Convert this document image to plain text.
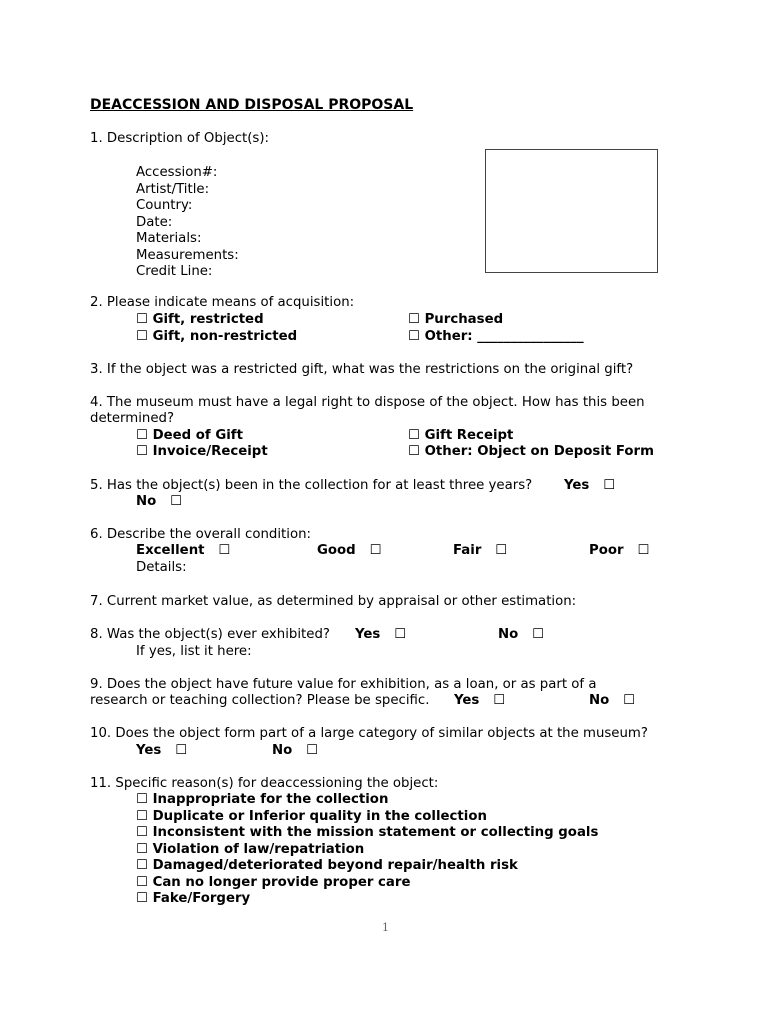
DEACCESSION AND DISPOSAL PROPOSAL
1. Description of Object(s):
Accession#:
Artist/Title:
Country:
Date:
Materials:
Measurements:
Credit Line:
2. Please indicate means of acquisition:
☐ Gift, restricted	☐ Purchased
☐ Gift, non-restricted	☐ Other: ________________
3. If the object was a restricted gift, what was the restrictions on the original gift?
4. The museum must have a legal right to dispose of the object. How has this been
determined?
☐ Deed of Gift	☐ Gift Receipt
☐ Invoice/Receipt	☐ Other: Object on Deposit Form
5. Has the object(s) been in the collection for at least three years? Yes ☐
No ☐
6. Describe the overall condition:
Excellent ☐	Good ☐	Fair ☐	Poor ☐
Details:
7. Current market value, as determined by appraisal or other estimation:
8. Was the object(s) ever exhibited? Yes ☐	No ☐
If yes, list it here:
9. Does the object have future value for exhibition, as a loan, or as part of a
research or teaching collection? Please be specific. Yes ☐	No ☐
10. Does the object form part of a large category of similar objects at the museum?
Yes ☐	No ☐
11. Specific reason(s) for deaccessioning the object:
☐ Inappropriate for the collection
☐ Duplicate or Inferior quality in the collection
☐ Inconsistent with the mission statement or collecting goals
☐ Violation of law/repatriation
☐ Damaged/deteriorated beyond repair/health risk
☐ Can no longer provide proper care
☐ Fake/Forgery
1
